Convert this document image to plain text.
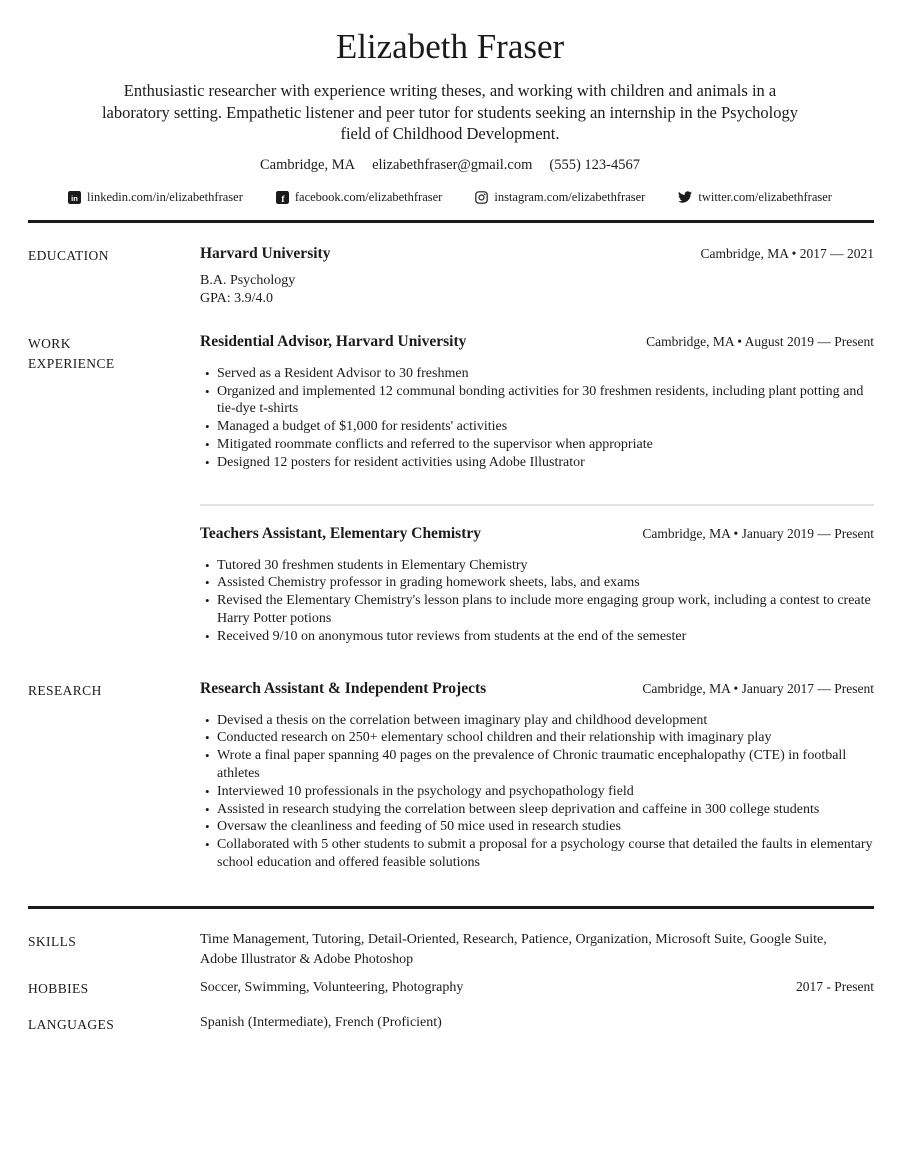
Elizabeth Fraser
Enthusiastic researcher with experience writing theses, and working with children and animals in a laboratory setting. Empathetic listener and peer tutor for students seeking an internship in the Psychology field of Childhood Development.
Cambridge, MA elizabethfraser@gmail.com (555) 123-4567
in linkedin.com/in/elizabethfraser f facebook.com/elizabethfraser	instagram.com/elizabethfraser	twitter.com/elizabethfraser
EDUCATION	Harvard University	Cambridge, MA • 2017 — 2021
B.A. Psychology
GPA: 3.9/4.0
WORK EXPERIENCE
Residential Advisor, Harvard University	Cambridge, MA • August 2019 — Present
• Served as a Resident Advisor to 30 freshmen
• Organized and implemented 12 communal bonding activities for 30 freshmen residents, including plant potting and tie-dye t-shirts
• Managed a budget of $1,000 for residents' activities
• Mitigated roommate conflicts and referred to the supervisor when appropriate
• Designed 12 posters for resident activities using Adobe Illustrator
Teachers Assistant, Elementary Chemistry	Cambridge, MA • January 2019 — Present
• Tutored 30 freshmen students in Elementary Chemistry
• Assisted Chemistry professor in grading homework sheets, labs, and exams
• Revised the Elementary Chemistry's lesson plans to include more engaging group work, including a contest to create Harry Potter potions
• Received 9/10 on anonymous tutor reviews from students at the end of the semester
RESEARCH	Research Assistant & Independent Projects	Cambridge, MA • January 2017 — Present
• Devised a thesis on the correlation between imaginary play and childhood development
• Conducted research on 250+ elementary school children and their relationship with imaginary play
• Wrote a final paper spanning 40 pages on the prevalence of Chronic traumatic encephalopathy (CTE) in football athletes
• Interviewed 10 professionals in the psychology and psychopathology field
• Assisted in research studying the correlation between sleep deprivation and caffeine in 300 college students
• Oversaw the cleanliness and feeding of 50 mice used in research studies
• Collaborated with 5 other students to submit a proposal for a psychology course that detailed the faults in elementary school education and offered feasible solutions
SKILLS	Time Management, Tutoring, Detail-Oriented, Research, Patience, Organization, Microsoft Suite, Google Suite, Adobe Illustrator & Adobe Photoshop
HOBBIES	Soccer, Swimming, Volunteering, Photography	2017 - Present
LANGUAGES	Spanish (Intermediate), French (Proficient)
